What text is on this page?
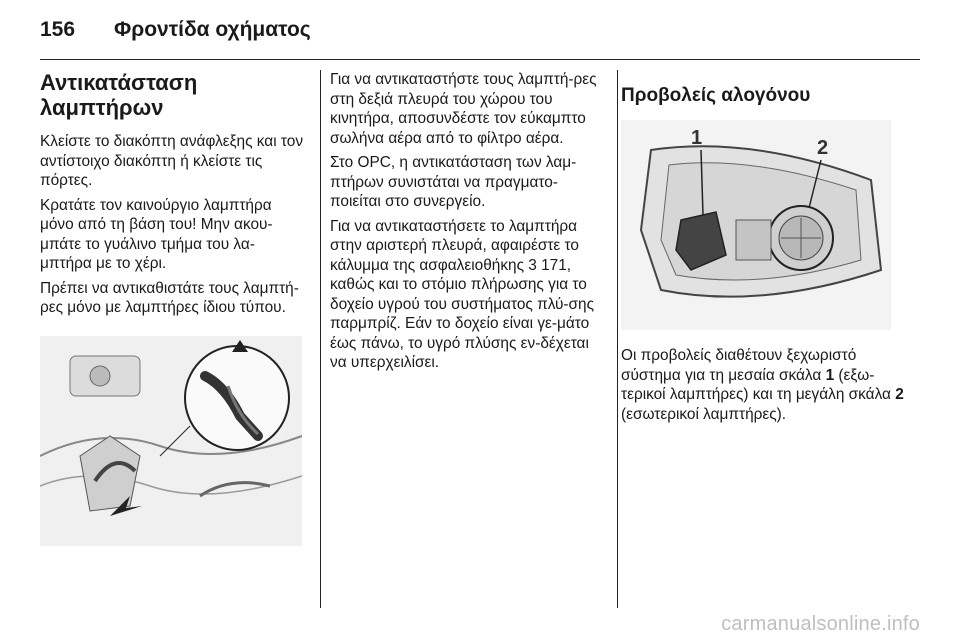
156 Φροντίδα οχήματος
Αντικατάσταση λαμπτήρων

Κλείστε το διακόπτη ανάφλεξης και τον αντίστοιχο διακόπτη ή κλείστε τις πόρτες.

Κρατάτε τον καινούργιο λαμπτήρα μόνο από τη βάση του! Μην ακου-μπάτε το γυάλινο τμήμα του λα-μπτήρα με το χέρι.

Πρέπει να αντικαθιστάτε τους λαμπτή-ρες μόνο με λαμπτήρες ίδιου τύπου.

Για να αντικαταστήστε τους λαμπτή-ρες στη δεξιά πλευρά του χώρου του κινητήρα, αποσυνδέστε τον εύκαμπτο σωλήνα αέρα από το φίλτρο αέρα.

Στο OPC, η αντικατάσταση των λαμ-πτήρων συνιστάται να πραγματο-ποιείται στο συνεργείο.

Για να αντικαταστήσετε το λαμπτήρα στην αριστερή πλευρά, αφαιρέστε το κάλυμμα της ασφαλειοθήκης 3 171, καθώς και το στόμιο πλήρωσης για το δοχείο υγρού του συστήματος πλύ-σης παρμπρίζ. Εάν το δοχείο είναι γε-μάτο έως πάνω, το υγρό πλύσης εν-δέχεται να υπερχειλίσει.

Προβολείς αλογόνου
1	2

Οι προβολείς διαθέτουν ξεχωριστό σύστημα για τη μεσαία σκάλα 1 (εξω-τερικοί λαμπτήρες) και τη μεγάλη σκάλα 2 (εσωτερικοί λαμπτήρες).

carmanualsonline.info
